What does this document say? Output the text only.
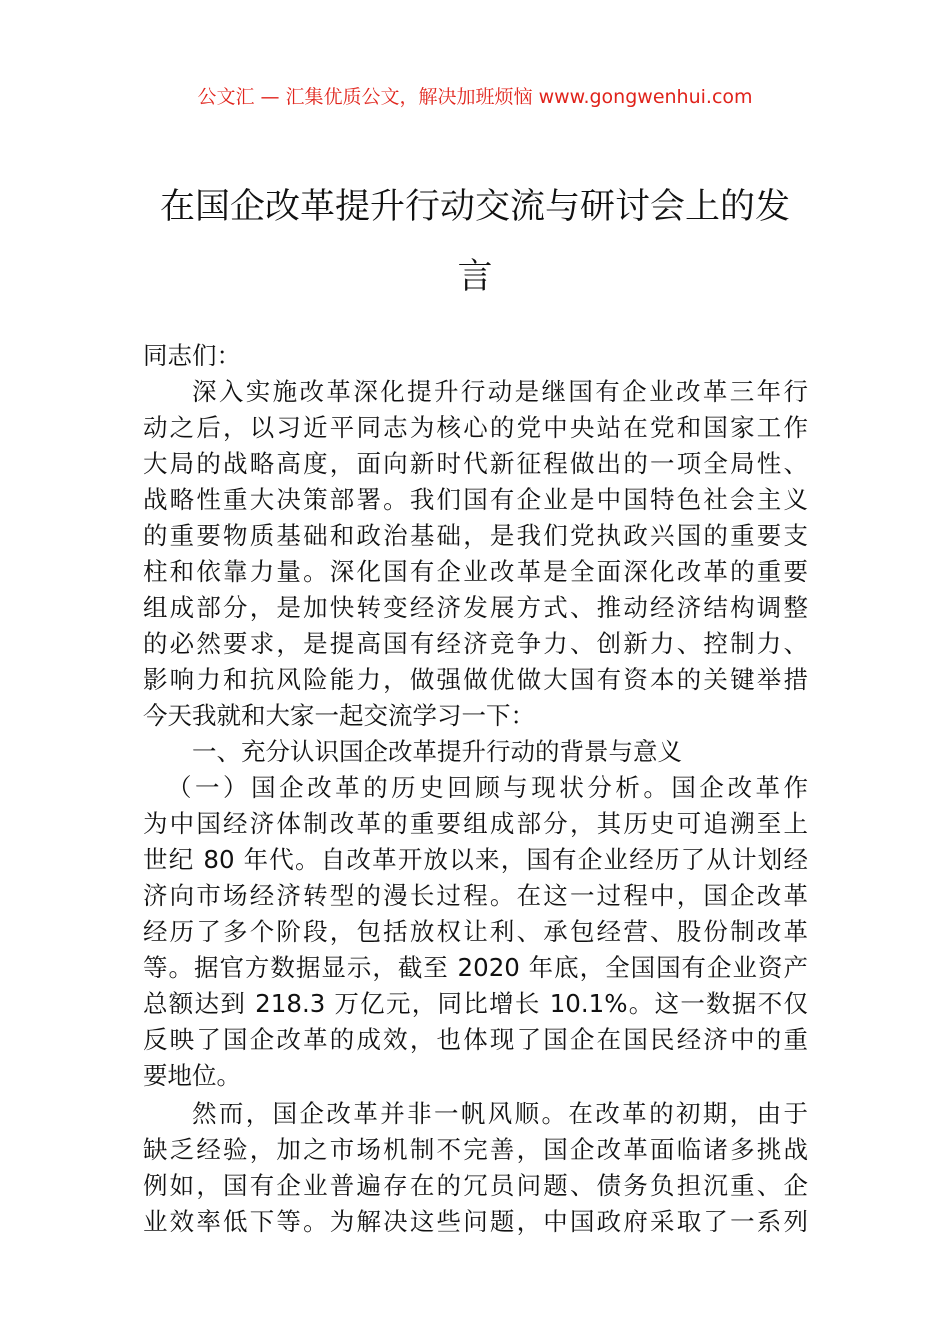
公文汇 — 汇集优质公文，解决加班烦恼 www.gongwenhui.com
在国企改革提升行动交流与研讨会上的发
言

同志们：

深入实施改革深化提升行动是继国有企业改革三年行
动之后，以习近平同志为核心的党中央站在党和国家工作
大局的战略高度，面向新时代新征程做出的一项全局性、
战略性重大决策部署。我们国有企业是中国特色社会主义
的重要物质基础和政治基础，是我们党执政兴国的重要支
柱和依靠力量。深化国有企业改革是全面深化改革的重要
组成部分，是加快转变经济发展方式、推动经济结构调整
的必然要求，是提高国有经济竞争力、创新力、控制力、
影响力和抗风险能力，做强做优做大国有资本的关键举措
今天我就和大家一起交流学习一下：

一、充分认识国企改革提升行动的背景与意义

（一）国企改革的历史回顾与现状分析。国企改革作
为中国经济体制改革的重要组成部分，其历史可追溯至上
世纪 80 年代。自改革开放以来，国有企业经历了从计划经
济向市场经济转型的漫长过程。在这一过程中，国企改革
经历了多个阶段，包括放权让利、承包经营、股份制改革
等。据官方数据显示，截至 2020 年底，全国国有企业资产
总额达到 218.3 万亿元，同比增长 10.1%。这一数据不仅
反映了国企改革的成效，也体现了国企在国民经济中的重
要地位。

然而，国企改革并非一帆风顺。在改革的初期，由于
缺乏经验，加之市场机制不完善，国企改革面临诸多挑战
例如，国有企业普遍存在的冗员问题、债务负担沉重、企
业效率低下等。为解决这些问题，中国政府采取了一系列
